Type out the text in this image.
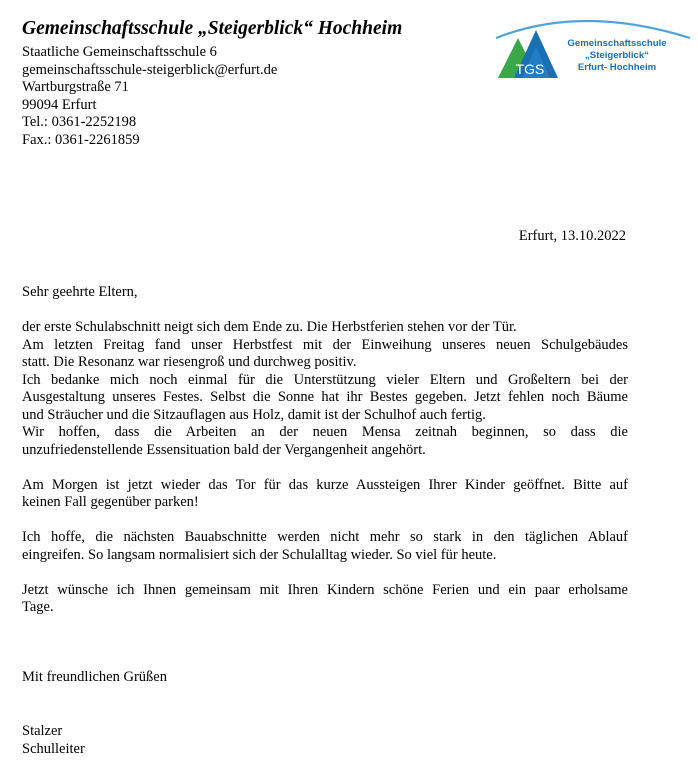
Gemeinschaftsschule „Steigerblick“ Hochheim
Staatliche Gemeinschaftsschule 6
gemeinschaftsschule-steigerblick@erfurt.de
Wartburgstraße 71
99094 Erfurt
Tel.: 0361-2252198
Fax.: 0361-2261859
TGS
Gemeinschaftsschule
„Steigerblick“
Erfurt- Hochheim
Erfurt, 13.10.2022
Sehr geehrte Eltern,
der erste Schulabschnitt neigt sich dem Ende zu. Die Herbstferien stehen vor der Tür.
Am letzten Freitag fand unser Herbstfest mit der Einweihung unseres neuen Schulgebäudes
statt. Die Resonanz war riesengroß und durchweg positiv.
Ich bedanke mich noch einmal für die Unterstützung vieler Eltern und Großeltern bei der
Ausgestaltung unseres Festes. Selbst die Sonne hat ihr Bestes gegeben. Jetzt fehlen noch Bäume
und Sträucher und die Sitzauflagen aus Holz, damit ist der Schulhof auch fertig.
Wir hoffen, dass die Arbeiten an der neuen Mensa zeitnah beginnen, so dass die
unzufriedenstellende Essensituation bald der Vergangenheit angehört.
Am Morgen ist jetzt wieder das Tor für das kurze Aussteigen Ihrer Kinder geöffnet. Bitte auf
keinen Fall gegenüber parken!
Ich hoffe, die nächsten Bauabschnitte werden nicht mehr so stark in den täglichen Ablauf
eingreifen. So langsam normalisiert sich der Schulalltag wieder. So viel für heute.
Jetzt wünsche ich Ihnen gemeinsam mit Ihren Kindern schöne Ferien und ein paar erholsame
Tage.
Mit freundlichen Grüßen
Stalzer
Schulleiter
